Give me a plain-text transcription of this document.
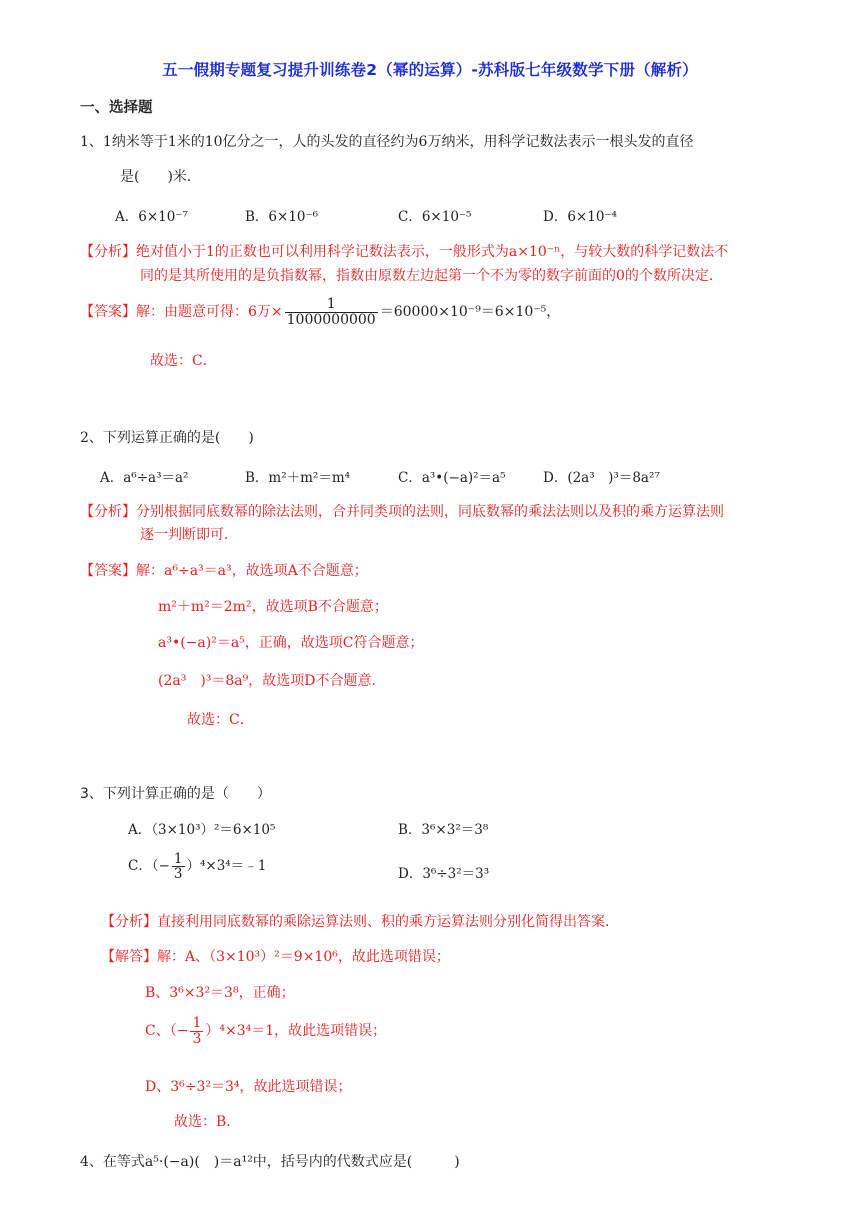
五一假期专题复习提升训练卷2（幂的运算）-苏科版七年级数学下册（解析）
一、选择题
1、1纳米等于1米的10亿分之一，人的头发的直径约为6万纳米，用科学记数法表示一根头发的直径
是(　　)米．
A．6×10⁻⁷	B．6×10⁻⁶	C．6×10⁻⁵	D．6×10⁻⁴
【分析】绝对值小于1的正数也可以利用科学记数法表示，一般形式为a×10⁻ⁿ，与较大数的科学记数法不
同的是其所使用的是负指数幂，指数由原数左边起第一个不为零的数字前面的0的个数所决定．
【答案】解：由题意可得：6万× $\frac{1}{1000000000} =60000\times 10^{-9}=6\times 10^{-5}$，
故选：C．
2、下列运算正确的是(　　)
A．a⁶÷a³＝a²	B．m²＋m²＝m⁴	C．a³•(−a)²＝a⁵	D．(2a³　)³＝8a²⁷
【分析】分别根据同底数幂的除法法则，合并同类项的法则，同底数幂的乘法法则以及积的乘方运算法则
逐一判断即可．
【答案】解：a⁶÷a³＝a³，故选项A不合题意；
m²＋m²＝2m²，故选项B不合题意；
a³•(−a)²＝a⁵，正确，故选项C符合题意；
(2a³　)³＝8a⁹，故选项D不合题意．
故选：C．
3、下列计算正确的是（　　）
A．（3×10³）²＝6×10⁵	B．3⁶×3²＝3⁸
C．（− $\frac{1}{3}$ ）⁴×3⁴＝﹣1	D．3⁶÷3²＝3³
【分析】直接利用同底数幂的乘除运算法则、积的乘方运算法则分别化简得出答案．
【解答】解：A、（3×10³）²＝9×10⁶，故此选项错误；
B、3⁶×3²＝3⁸，正确；
C、（− $\frac{1}{3} )^4\times 3^4=1$，故此选项错误；
D、3⁶÷3²＝3⁴，故此选项错误；
故选：B．
4、在等式a⁵·(−a)(　)＝a¹²中，括号内的代数式应是(　　　)
